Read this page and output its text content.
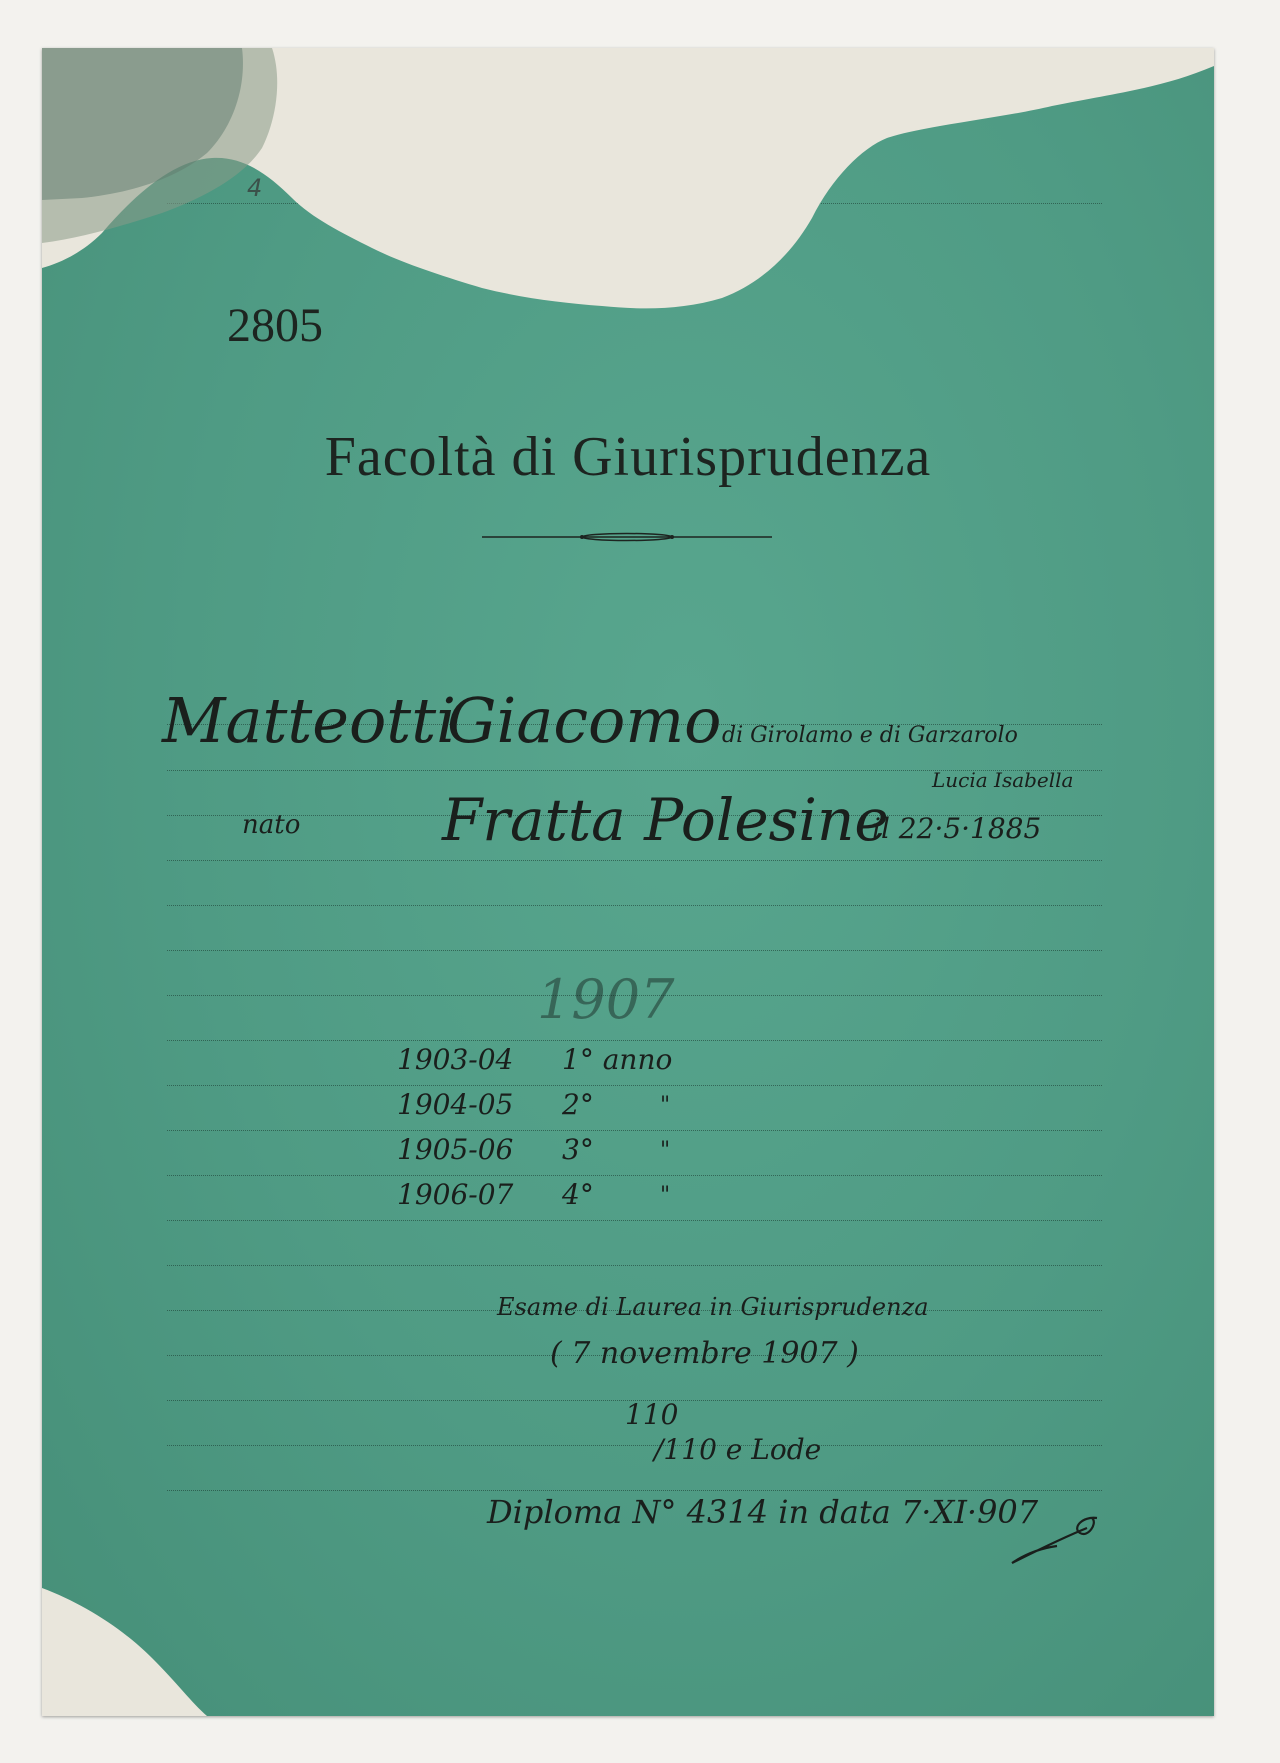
4
2805
Facoltà di Giurisprudenza
Matteotti
Giacomo di Girolamo e di Garzarolo
Lucia Isabella
nato Fratta Polesine
il 22·5·1885
1907
1903-04 1° anno
1904-05 2°	"
1905-06 3°	"
1906-07 4°	"
Esame di Laurea in Giurisprudenza
( 7 novembre 1907 )
110
/110 e Lode
Diploma N° 4314 in data 7·XI·907
